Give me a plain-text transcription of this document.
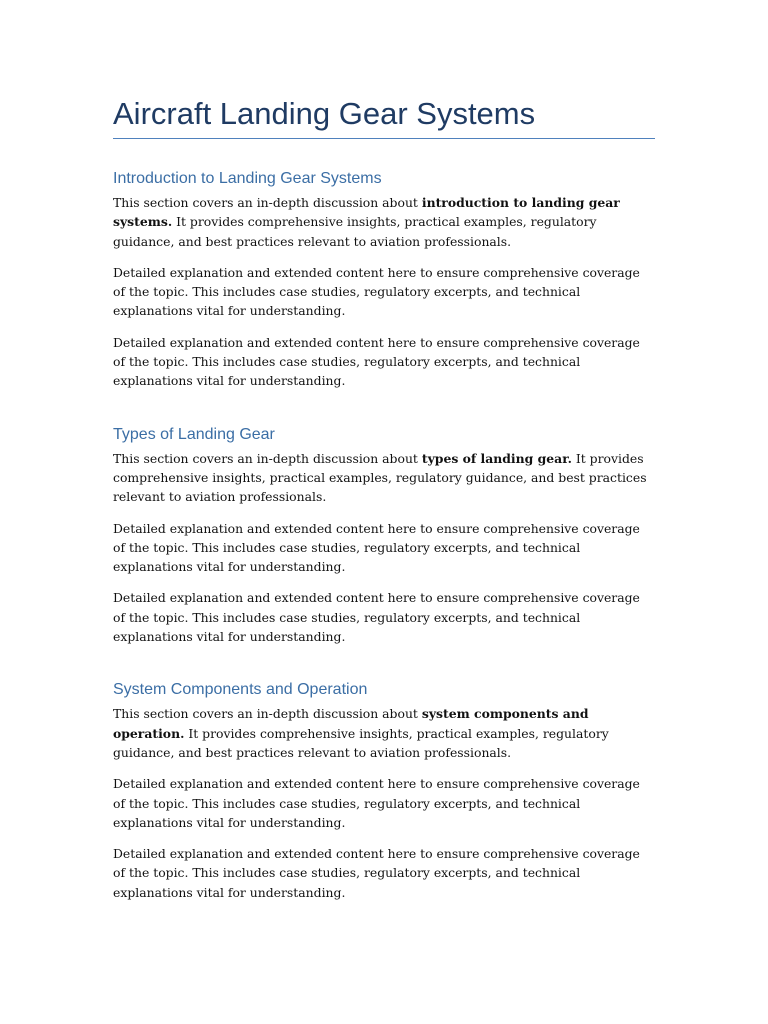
Aircraft Landing Gear Systems
Introduction to Landing Gear Systems

This section covers an in-depth discussion about introduction to landing gear systems. It provides comprehensive insights, practical examples, regulatory guidance, and best practices relevant to aviation professionals.

Detailed explanation and extended content here to ensure comprehensive coverage of the topic. This includes case studies, regulatory excerpts, and technical explanations vital for understanding.

Detailed explanation and extended content here to ensure comprehensive coverage of the topic. This includes case studies, regulatory excerpts, and technical explanations vital for understanding.

Types of Landing Gear

This section covers an in-depth discussion about types of landing gear. It provides comprehensive insights, practical examples, regulatory guidance, and best practices relevant to aviation professionals.

Detailed explanation and extended content here to ensure comprehensive coverage of the topic. This includes case studies, regulatory excerpts, and technical explanations vital for understanding.

Detailed explanation and extended content here to ensure comprehensive coverage of the topic. This includes case studies, regulatory excerpts, and technical explanations vital for understanding.

System Components and Operation

This section covers an in-depth discussion about system components and operation. It provides comprehensive insights, practical examples, regulatory guidance, and best practices relevant to aviation professionals.

Detailed explanation and extended content here to ensure comprehensive coverage of the topic. This includes case studies, regulatory excerpts, and technical explanations vital for understanding.

Detailed explanation and extended content here to ensure comprehensive coverage of the topic. This includes case studies, regulatory excerpts, and technical explanations vital for understanding.
